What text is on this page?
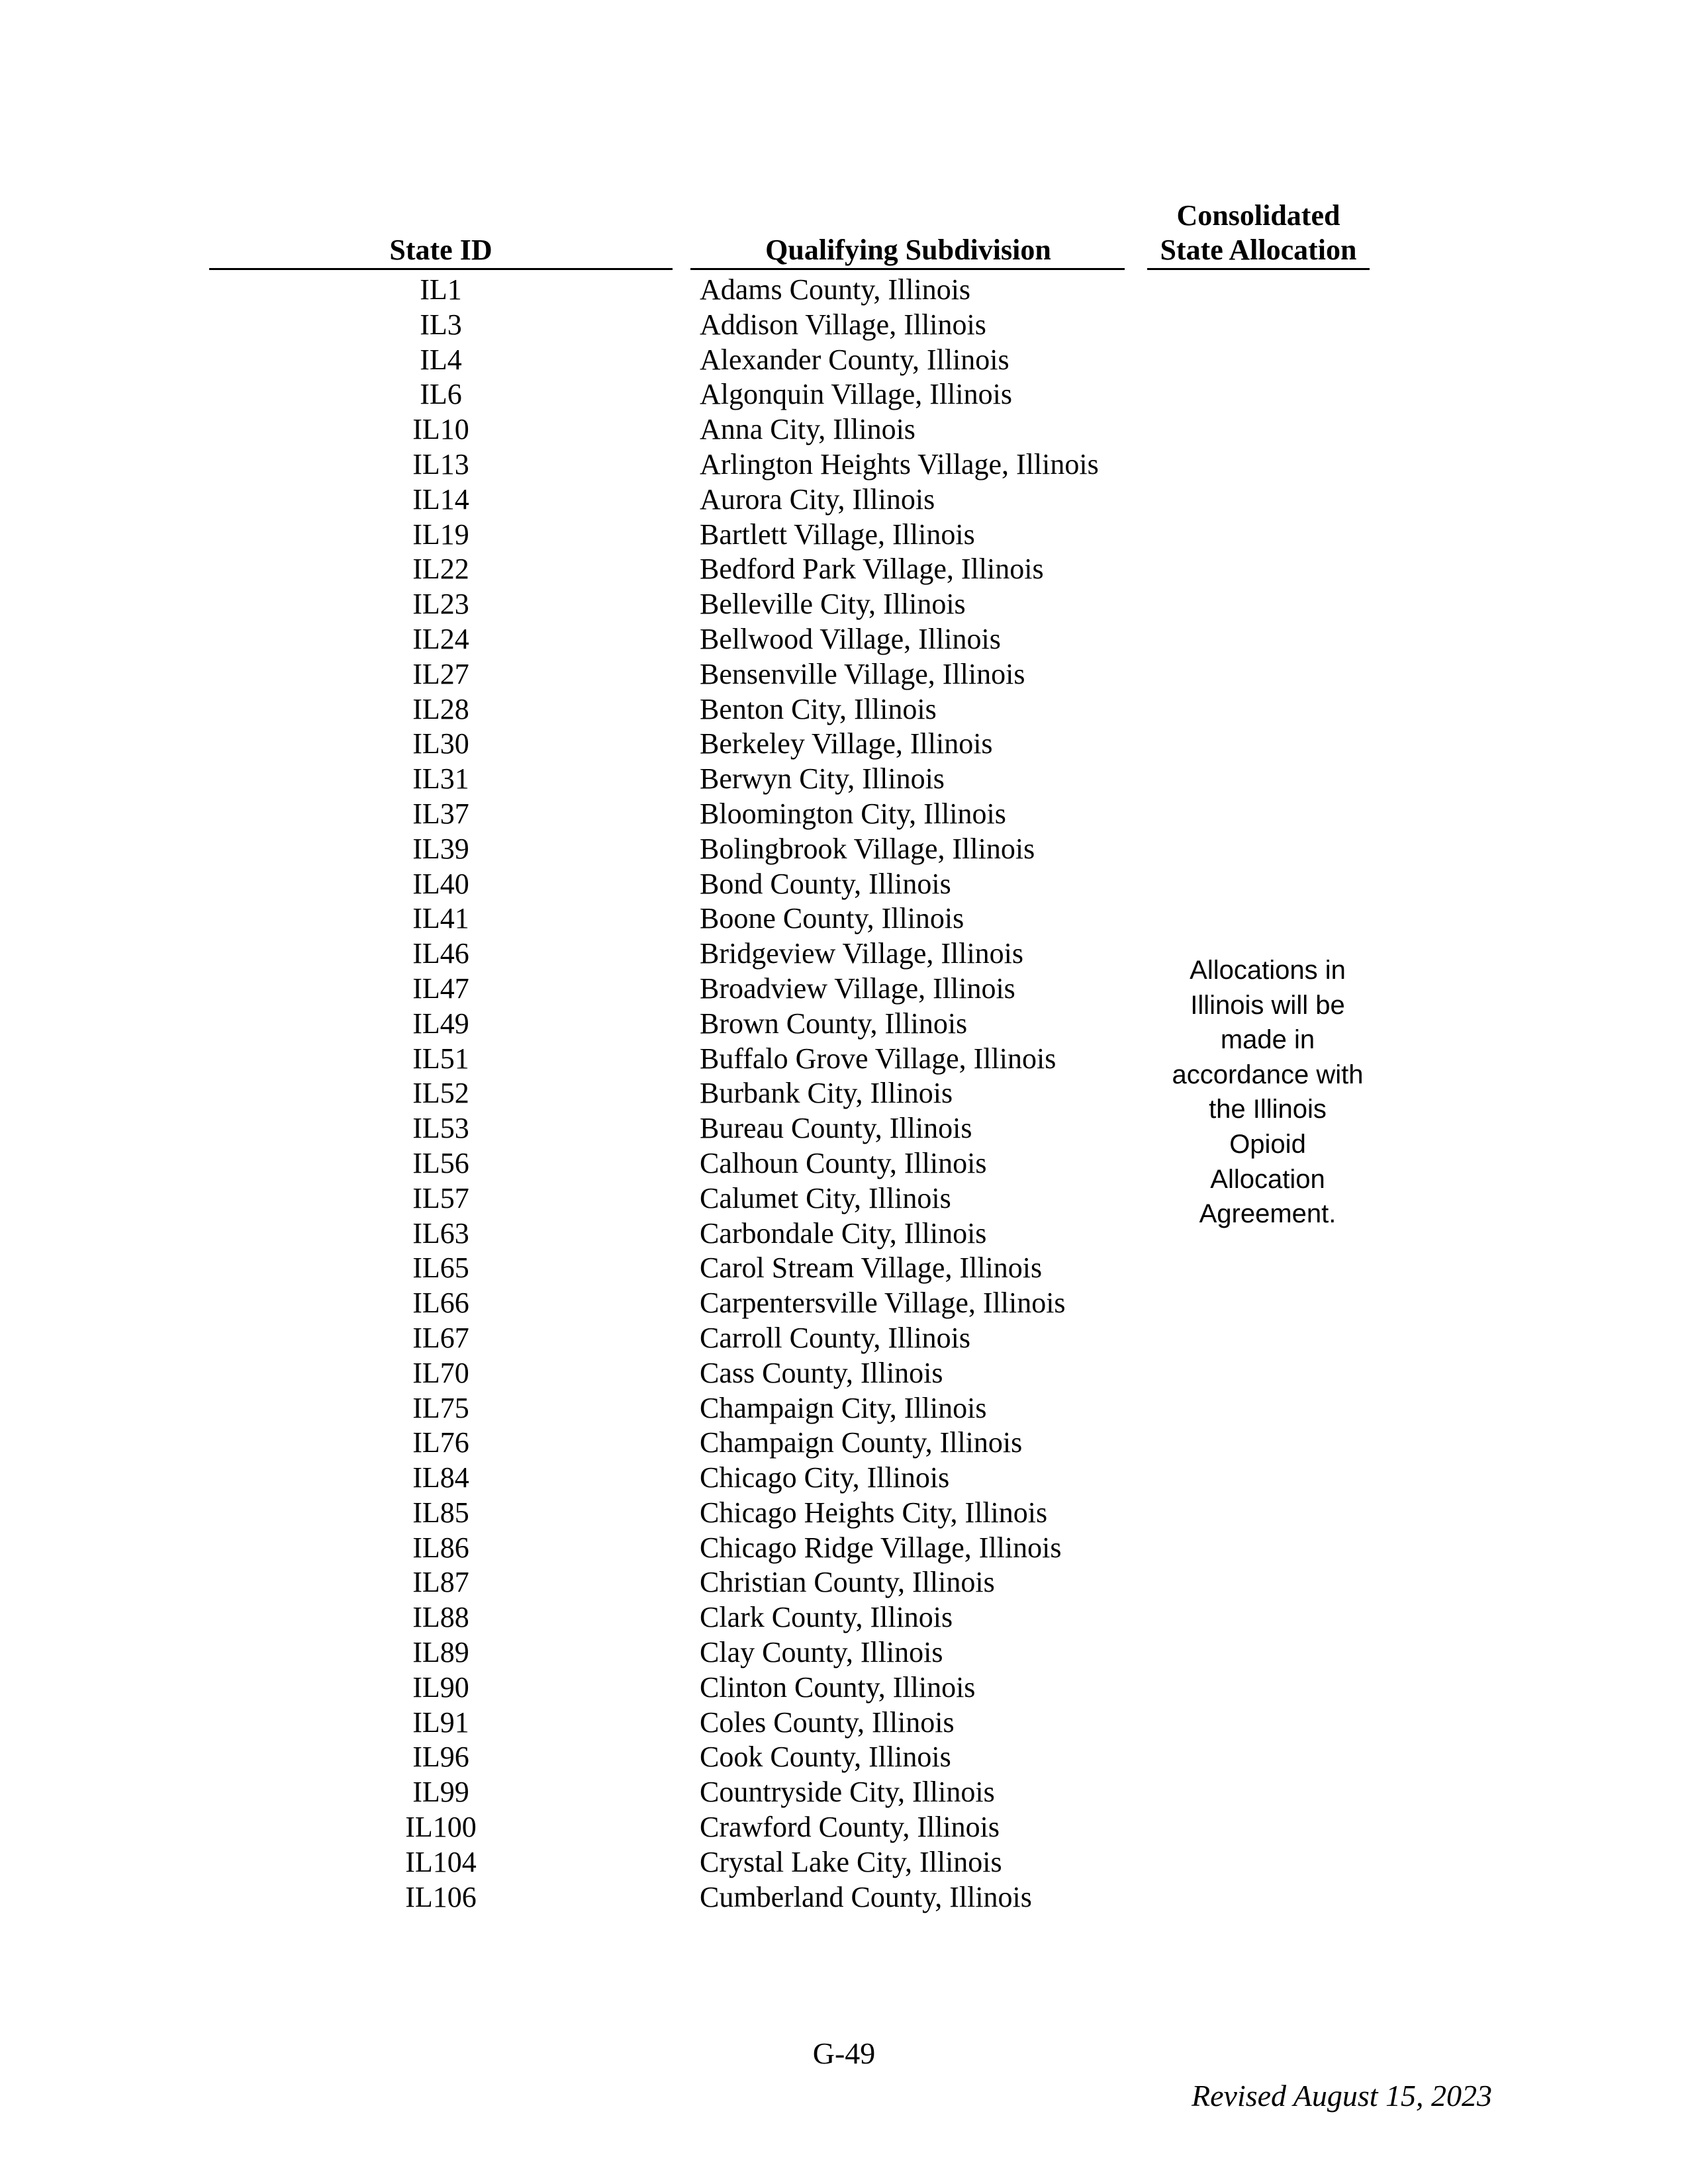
State ID	Qualifying Subdivision
Consolidated
State Allocation
IL1
IL3
IL4
IL6
IL10
IL13
IL14
IL19
IL22
IL23
IL24
IL27
IL28
IL30
IL31
IL37
IL39
IL40
IL41
IL46
IL47
IL49
IL51
IL52
IL53
IL56
IL57
IL63
IL65
IL66
IL67
IL70
IL75
IL76
IL84
IL85
IL86
IL87
IL88
IL89
IL90
IL91
IL96
IL99
IL100
IL104
IL106
Adams County, Illinois
Addison Village, Illinois
Alexander County, Illinois
Algonquin Village, Illinois
Anna City, Illinois
Arlington Heights Village, Illinois
Aurora City, Illinois
Bartlett Village, Illinois
Bedford Park Village, Illinois
Belleville City, Illinois
Bellwood Village, Illinois
Bensenville Village, Illinois
Benton City, Illinois
Berkeley Village, Illinois
Berwyn City, Illinois
Bloomington City, Illinois
Bolingbrook Village, Illinois
Bond County, Illinois
Boone County, Illinois
Bridgeview Village, Illinois
Broadview Village, Illinois
Brown County, Illinois
Buffalo Grove Village, Illinois
Burbank City, Illinois
Bureau County, Illinois
Calhoun County, Illinois
Calumet City, Illinois
Carbondale City, Illinois
Carol Stream Village, Illinois
Carpentersville Village, Illinois
Carroll County, Illinois
Cass County, Illinois
Champaign City, Illinois
Champaign County, Illinois
Chicago City, Illinois
Chicago Heights City, Illinois
Chicago Ridge Village, Illinois
Christian County, Illinois
Clark County, Illinois
Clay County, Illinois
Clinton County, Illinois
Coles County, Illinois
Cook County, Illinois
Countryside City, Illinois
Crawford County, Illinois
Crystal Lake City, Illinois
Cumberland County, Illinois
Allocations in
Illinois will be
made in
accordance with
the Illinois
Opioid
Allocation
Agreement.
G-49
Revised August 15, 2023
